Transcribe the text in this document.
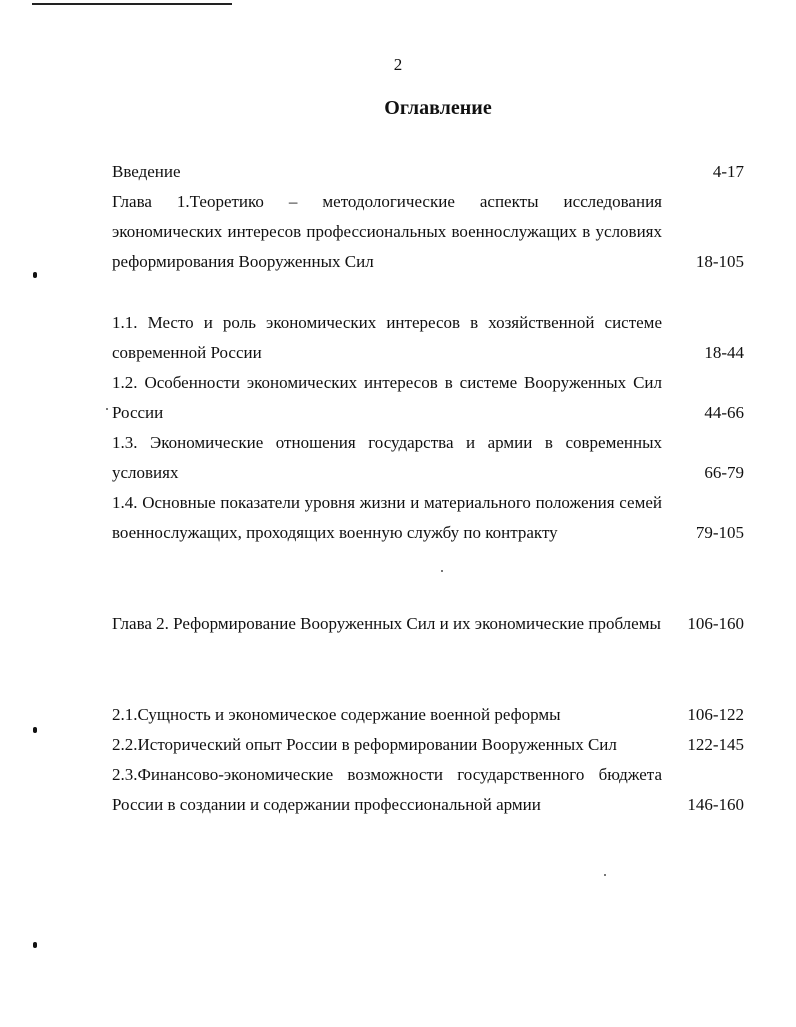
2
Оглавление
Введение	4-17
Глава 1.Теоретико – методологические аспекты исследования экономических интересов профессиональных военнослужащих в условиях реформирования Вооруженных Сил	18-105
1.1. Место и роль экономических интересов в хозяйственной системе современной России	18-44
1.2. Особенности экономических интересов в системе Вооруженных Сил России	44-66
1.3. Экономические отношения государства и армии в современных условиях	66-79
1.4. Основные показатели уровня жизни и материального положения семей военнослужащих, проходящих военную службу по контракту	79-105
Глава 2. Реформирование Вооруженных Сил и их экономические проблемы 106-160
2.1.Сущность и экономическое содержание военной реформы	106-122
2.2.Исторический опыт России в реформировании Вооруженных Сил	122-145
2.3.Финансово-экономические возможности государственного бюджета России в создании и содержании профессиональной армии	146-160
